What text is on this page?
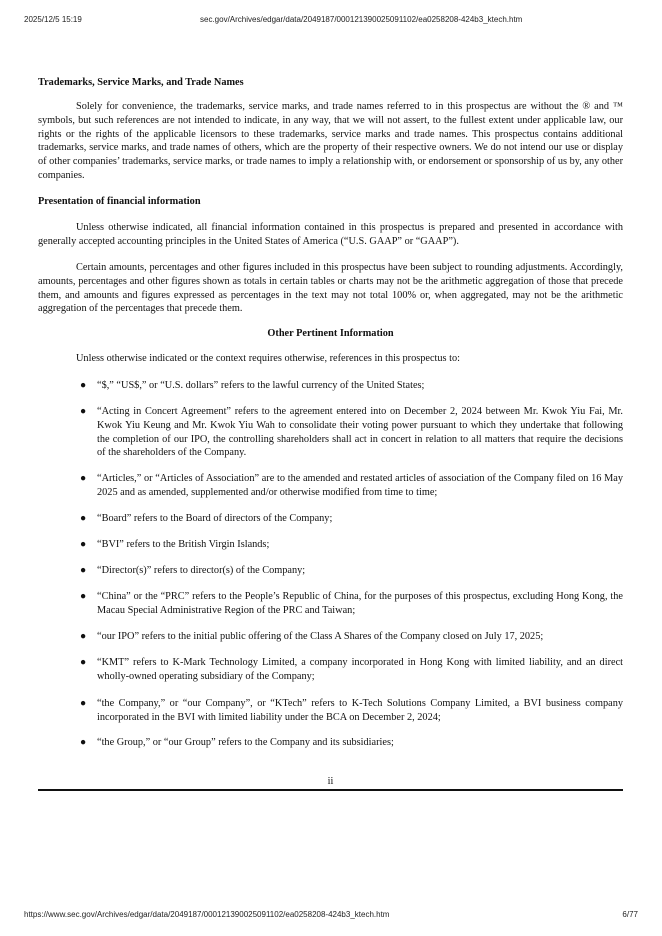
2025/12/5 15:19	sec.gov/Archives/edgar/data/2049187/000121390025091102/ea0258208-424b3_ktech.htm
Trademarks, Service Marks, and Trade Names
Solely for convenience, the trademarks, service marks, and trade names referred to in this prospectus are without the ® and ™ symbols, but such references are not intended to indicate, in any way, that we will not assert, to the fullest extent under applicable law, our rights or the rights of the applicable licensors to these trademarks, service marks and trade names. This prospectus contains additional trademarks, service marks, and trade names of others, which are the property of their respective owners. We do not intend our use or display of other companies’ trademarks, service marks, or trade names to imply a relationship with, or endorsement or sponsorship of us by, any other companies.
Presentation of financial information
Unless otherwise indicated, all financial information contained in this prospectus is prepared and presented in accordance with generally accepted accounting principles in the United States of America (“U.S. GAAP” or “GAAP”).
Certain amounts, percentages and other figures included in this prospectus have been subject to rounding adjustments. Accordingly, amounts, percentages and other figures shown as totals in certain tables or charts may not be the arithmetic aggregation of those that precede them, and amounts and figures expressed as percentages in the text may not total 100% or, when aggregated, may not be the arithmetic aggregation of the percentages that precede them.
Other Pertinent Information
Unless otherwise indicated or the context requires otherwise, references in this prospectus to:
● “$,” “US$,” or “U.S. dollars” refers to the lawful currency of the United States;
● “Acting in Concert Agreement” refers to the agreement entered into on December 2, 2024 between Mr. Kwok Yiu Fai, Mr. Kwok Yiu Keung and Mr. Kwok Yiu Wah to consolidate their voting power pursuant to which they undertake that following the completion of our IPO, the controlling shareholders shall act in concert in relation to all matters that require the decisions of the shareholders of the Company.
● “Articles,” or “Articles of Association” are to the amended and restated articles of association of the Company filed on 16 May 2025 and as amended, supplemented and/or otherwise modified from time to time;
● “Board” refers to the Board of directors of the Company;
● “BVI” refers to the British Virgin Islands;
● “Director(s)” refers to director(s) of the Company;
● “China” or the “PRC” refers to the People’s Republic of China, for the purposes of this prospectus, excluding Hong Kong, the Macau Special Administrative Region of the PRC and Taiwan;
● “our IPO” refers to the initial public offering of the Class A Shares of the Company closed on July 17, 2025;
● “KMT” refers to K-Mark Technology Limited, a company incorporated in Hong Kong with limited liability, and an direct wholly-owned operating subsidiary of the Company;
● “the Company,” or “our Company”, or “KTech” refers to K-Tech Solutions Company Limited, a BVI business company incorporated in the BVI with limited liability under the BCA on December 2, 2024;
● “the Group,” or “our Group” refers to the Company and its subsidiaries;
ii
https://www.sec.gov/Archives/edgar/data/2049187/000121390025091102/ea0258208-424b3_ktech.htm	6/77
